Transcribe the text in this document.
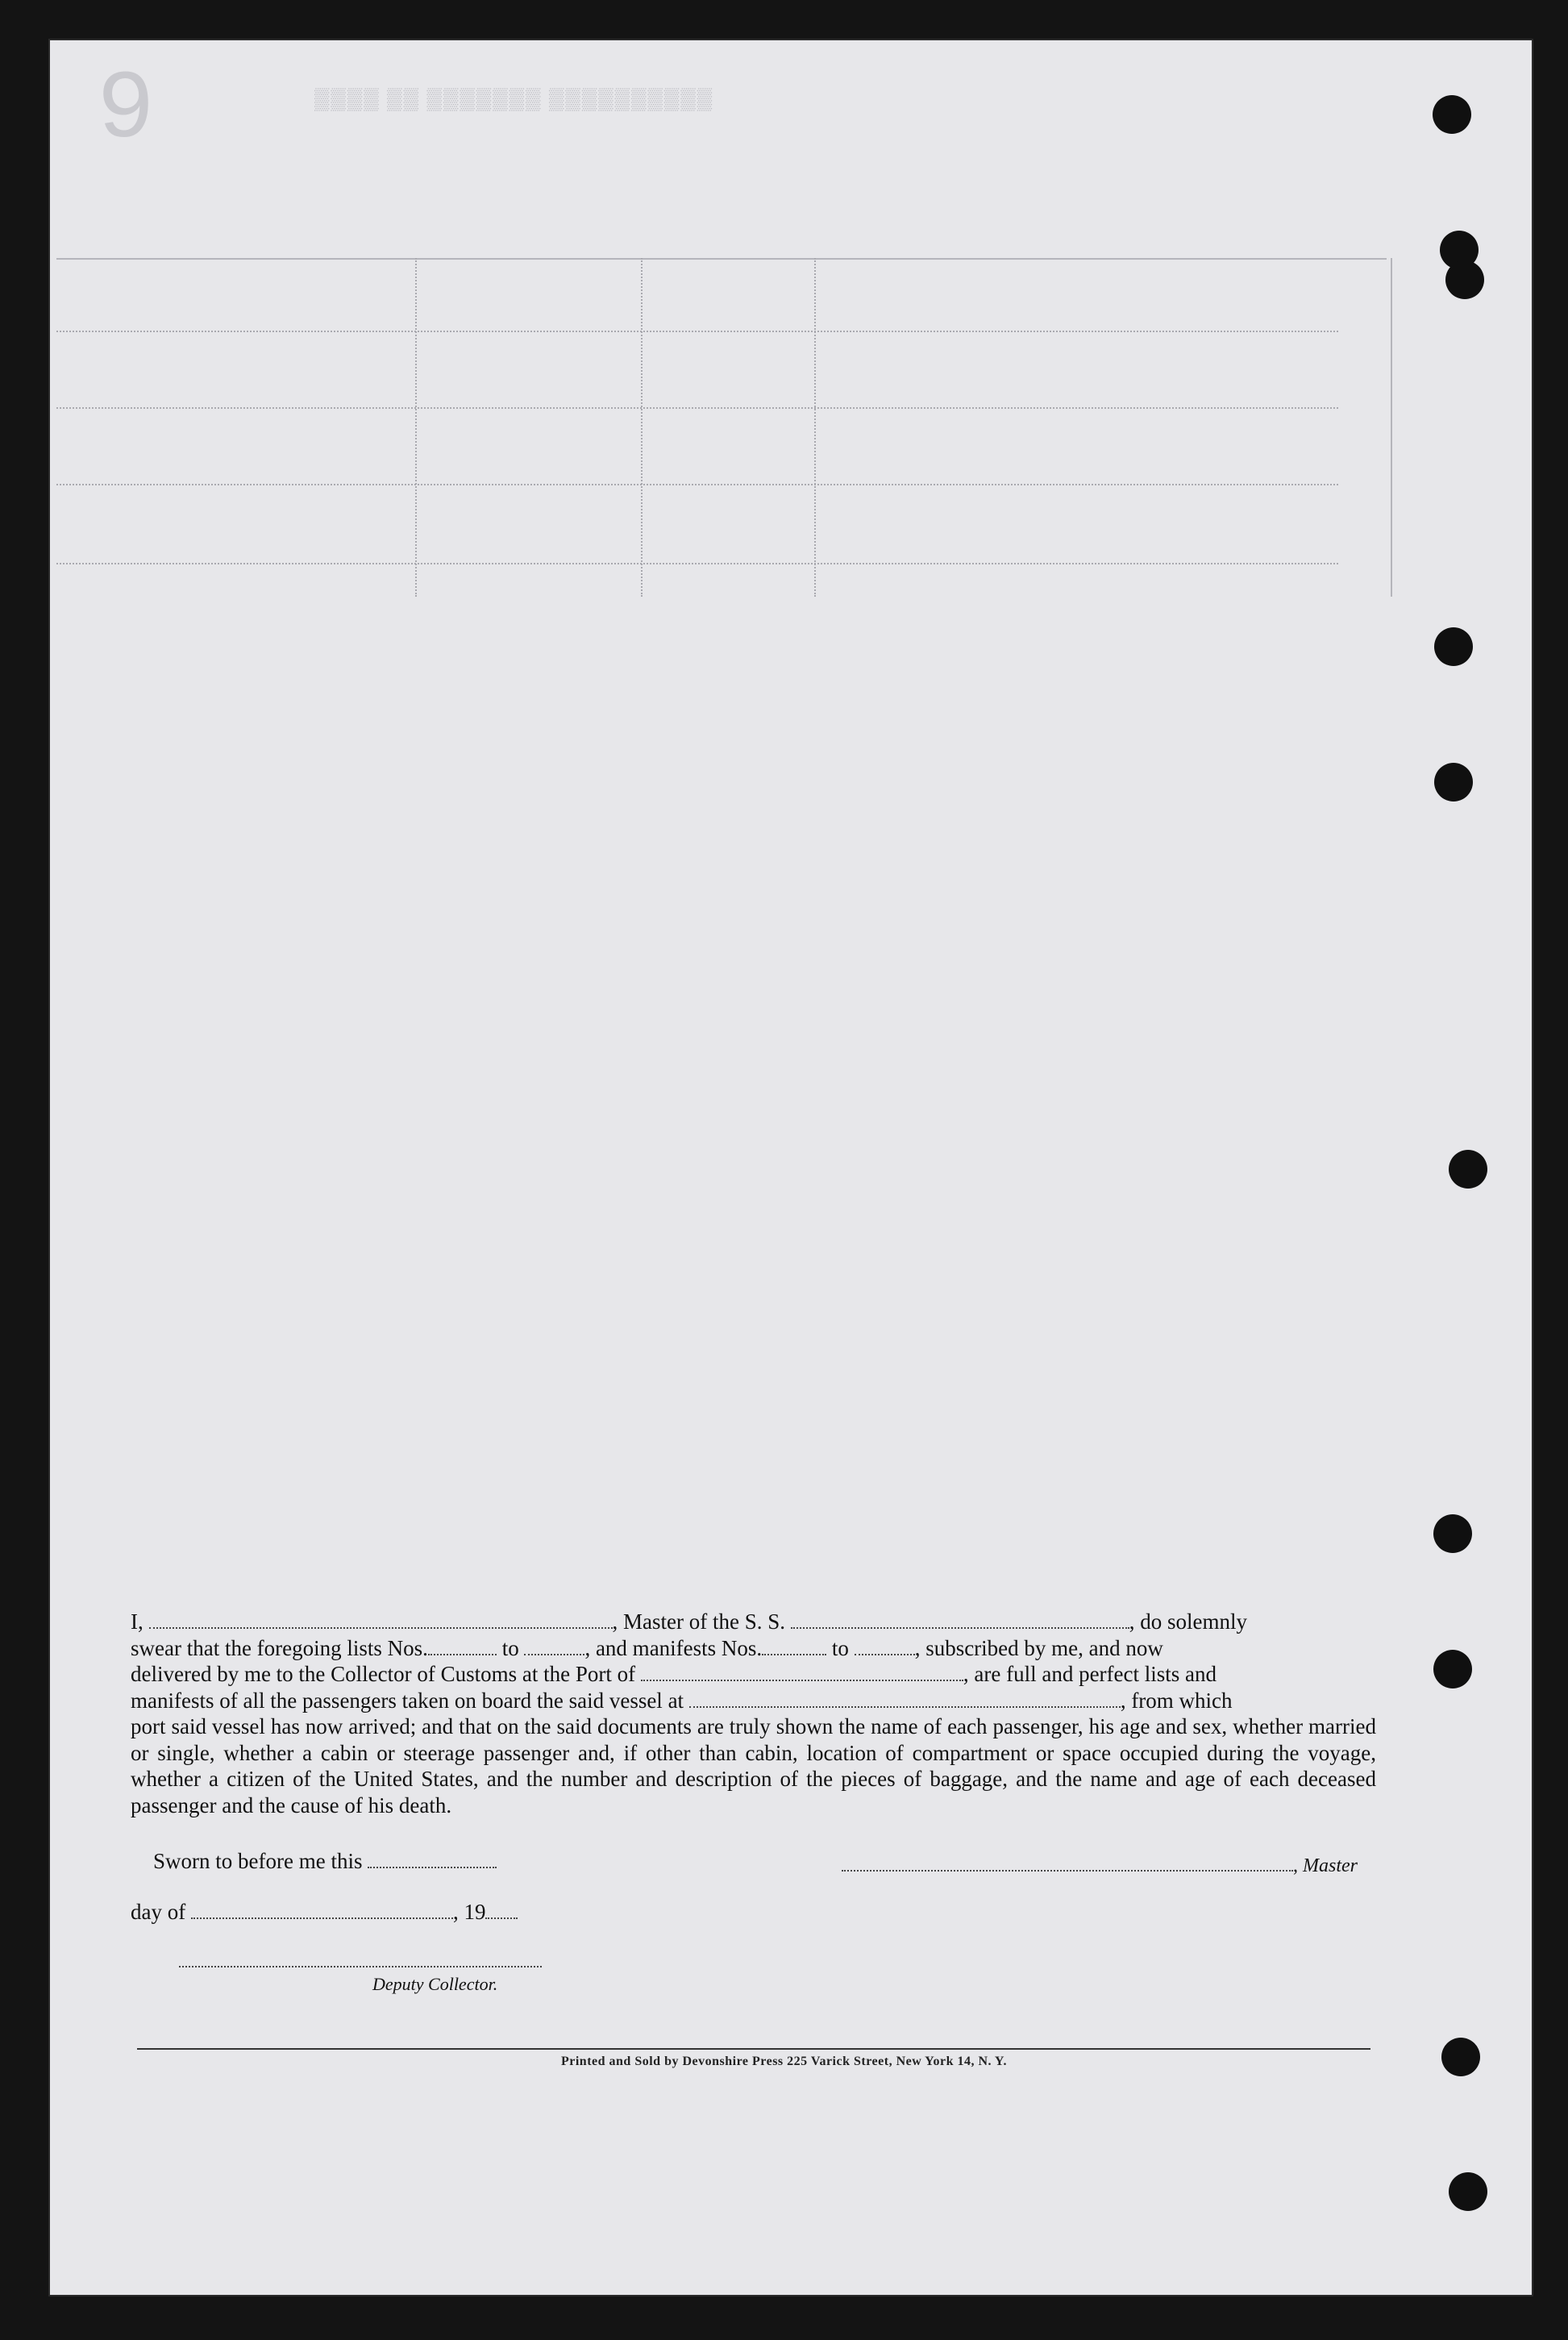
▒▒▒▒ ▒▒ ▒▒▒▒▒▒▒ ▒▒▒▒▒▒▒▒▒▒
9

I,	, Master of the S. S.	, do solemnly

swear that the foregoing lists Nos.	to	, and manifests Nos.	to	, subscribed by me, and now

delivered by me to the Collector of Customs at the Port of	, are full and perfect lists and

manifests of all the passengers taken on board the said vessel at	, from which

port said vessel has now arrived; and that on the said documents are truly shown the name of each passenger, his age and sex, whether married or single, whether a cabin or steerage passenger and, if other than cabin, location of compartment or space occupied during the voyage, whether a citizen of the United States, and the number and description of the pieces of baggage, and the name and age of each deceased passenger and the cause of his death.

Sworn to before me this	, Master
day of	, 19
Deputy Collector.
Printed and Sold by Devonshire Press 225 Varick Street, New York 14, N. Y.
